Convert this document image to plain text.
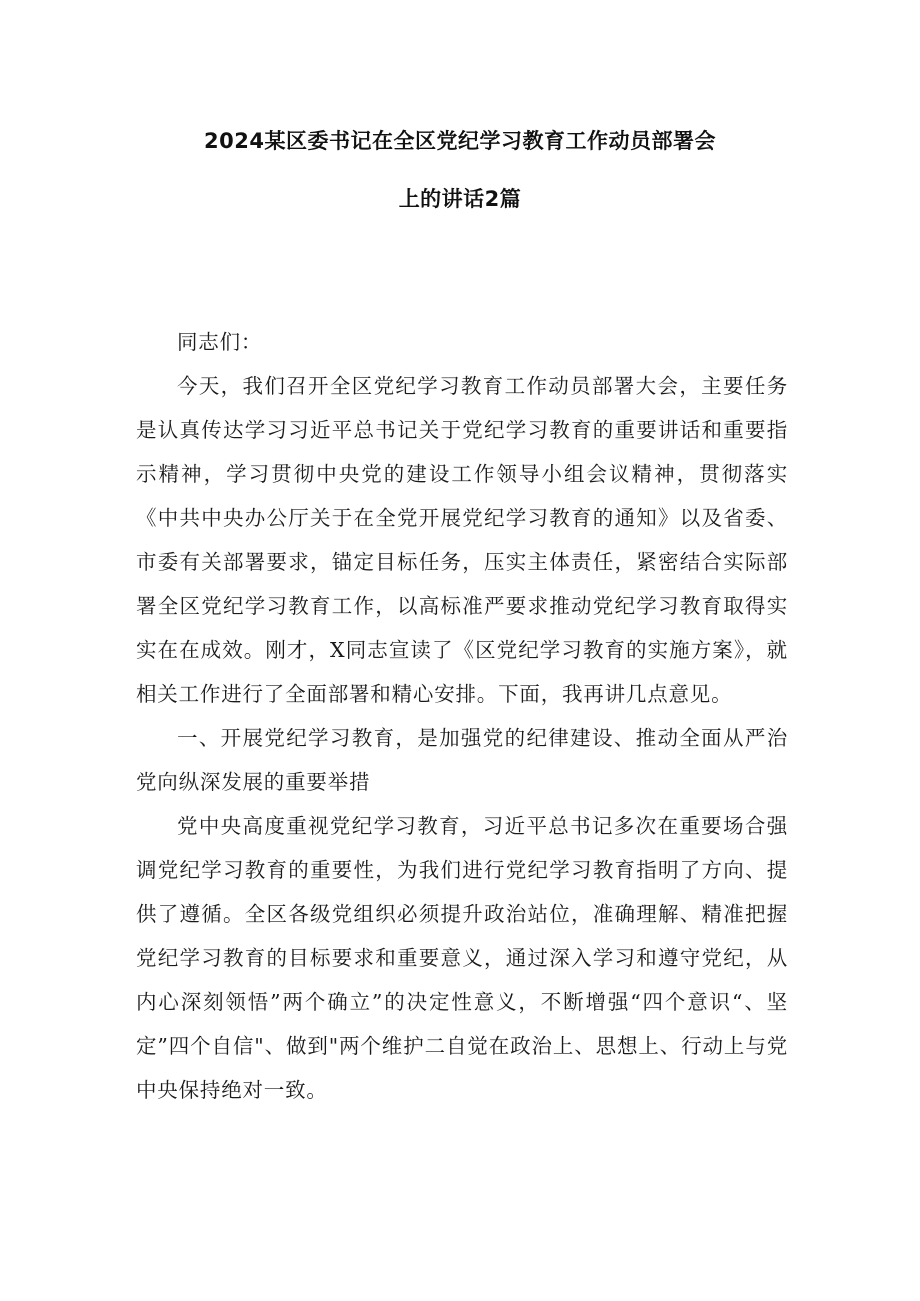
2024某区委书记在全区党纪学习教育工作动员部署会
上的讲话2篇

同志们：

今天，我们召开全区党纪学习教育工作动员部署大会，主要任务是认真传达学习习近平总书记关于党纪学习教育的重要讲话和重要指示精神，学习贯彻中央党的建设工作领导小组会议精神，贯彻落实《中共中央办公厅关于在全党开展党纪学习教育的通知》以及省委、市委有关部署要求，锚定目标任务，压实主体责任，紧密结合实际部署全区党纪学习教育工作，以高标准严要求推动党纪学习教育取得实实在在成效。刚才，X同志宣读了《区党纪学习教育的实施方案》，就相关工作进行了全面部署和精心安排。下面，我再讲几点意见。

一、开展党纪学习教育，是加强党的纪律建设、推动全面从严治党向纵深发展的重要举措

党中央高度重视党纪学习教育，习近平总书记多次在重要场合强调党纪学习教育的重要性，为我们进行党纪学习教育指明了方向、提供了遵循。全区各级党组织必须提升政治站位，准确理解、精准把握党纪学习教育的目标要求和重要意义，通过深入学习和遵守党纪，从内心深刻领悟”两个确立”的决定性意义，不断增强“四个意识“、坚定”四个自信"、做到"两个维护二自觉在政治上、思想上、行动上与党中央保持绝对一致。
